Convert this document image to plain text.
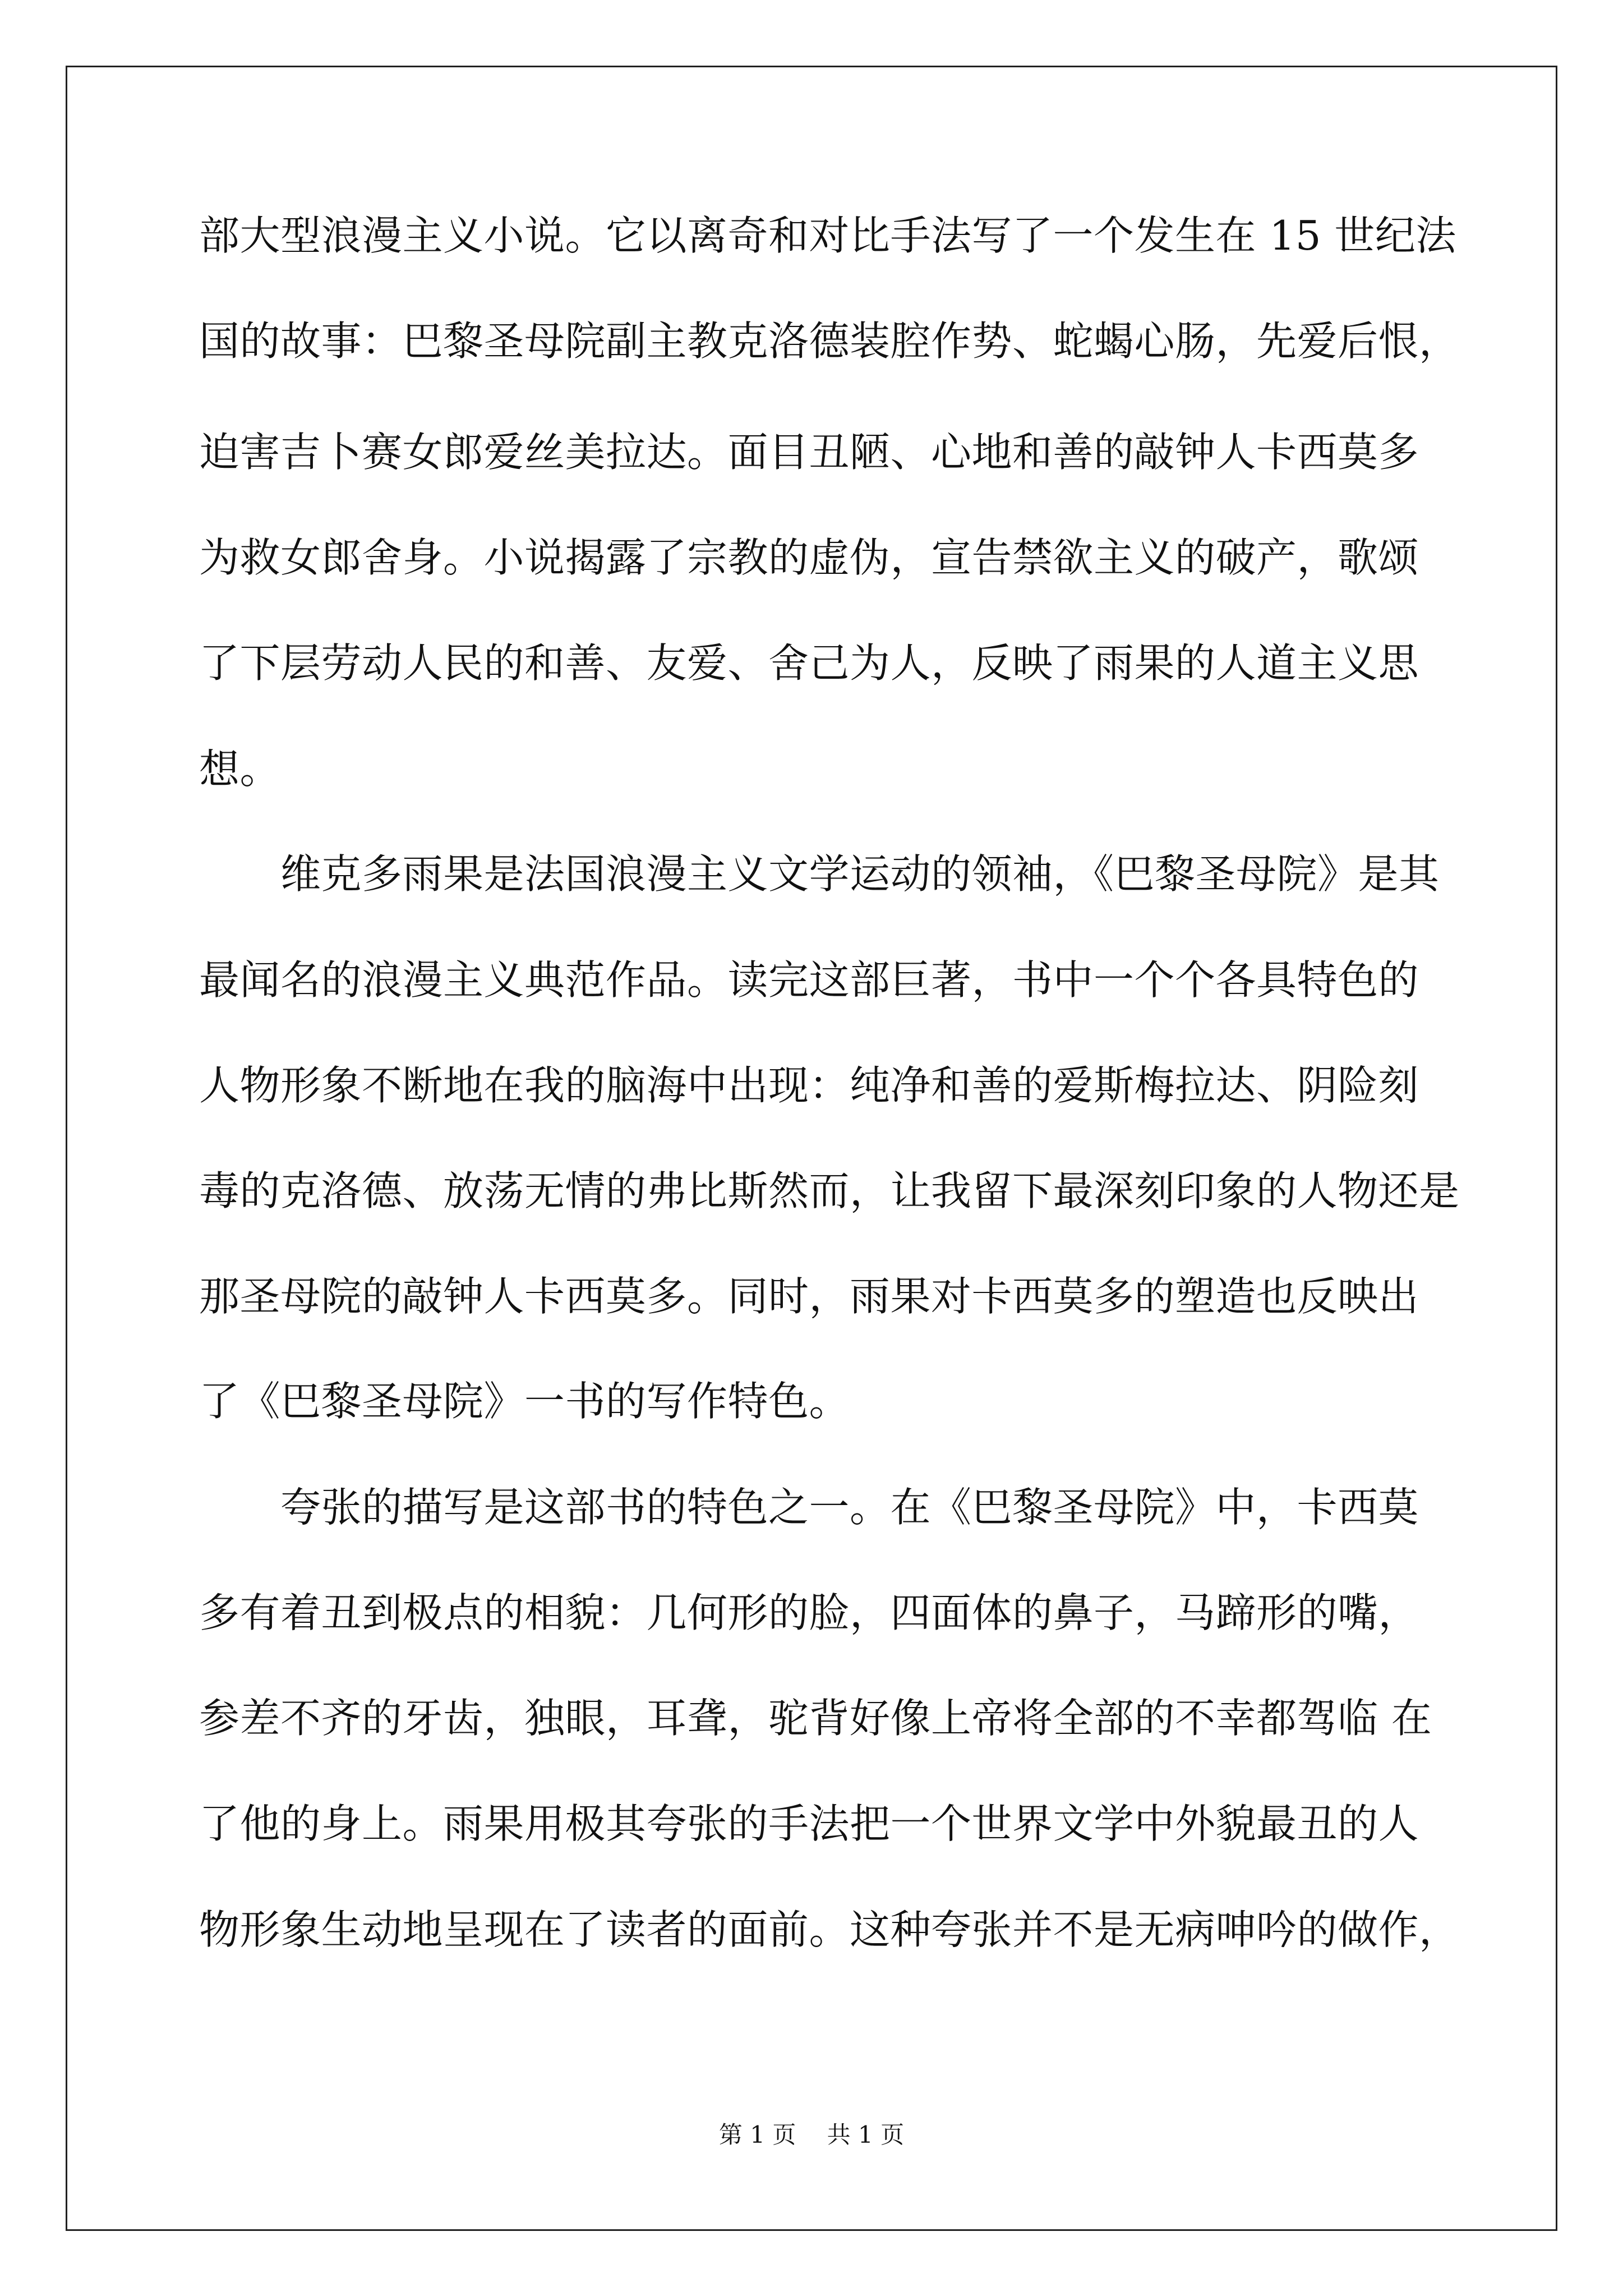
部大型浪漫主义小说。它以离奇和对比手法写了一个发生在 15 世纪法
国的故事：巴黎圣母院副主教克洛德装腔作势、蛇蝎心肠，先爱后恨，
迫害吉卜赛女郎爱丝美拉达。面目丑陋、心地和善的敲钟人卡西莫多
为救女郎舍身。小说揭露了宗教的虚伪，宣告禁欲主义的破产，歌颂
了下层劳动人民的和善、友爱、舍己为人，反映了雨果的人道主义思
想。
　　维克多雨果是法国浪漫主义文学运动的领袖，《巴黎圣母院》是其
最闻名的浪漫主义典范作品。读完这部巨著，书中一个个各具特色的
人物形象不断地在我的脑海中出现：纯净和善的爱斯梅拉达、阴险刻
毒的克洛德、放荡无情的弗比斯然而，让我留下最深刻印象的人物还是
那圣母院的敲钟人卡西莫多。同时，雨果对卡西莫多的塑造也反映出
了《巴黎圣母院》一书的写作特色。
　　夸张的描写是这部书的特色之一。在《巴黎圣母院》中，卡西莫
多有着丑到极点的相貌：几何形的脸，四面体的鼻子，马蹄形的嘴，
参差不齐的牙齿，独眼，耳聋，驼背好像上帝将全部的不幸都驾临 在
了他的身上。雨果用极其夸张的手法把一个世界文学中外貌最丑的人
物形象生动地呈现在了读者的面前。这种夸张并不是无病呻吟的做作，
第 1 页　 共 1 页
